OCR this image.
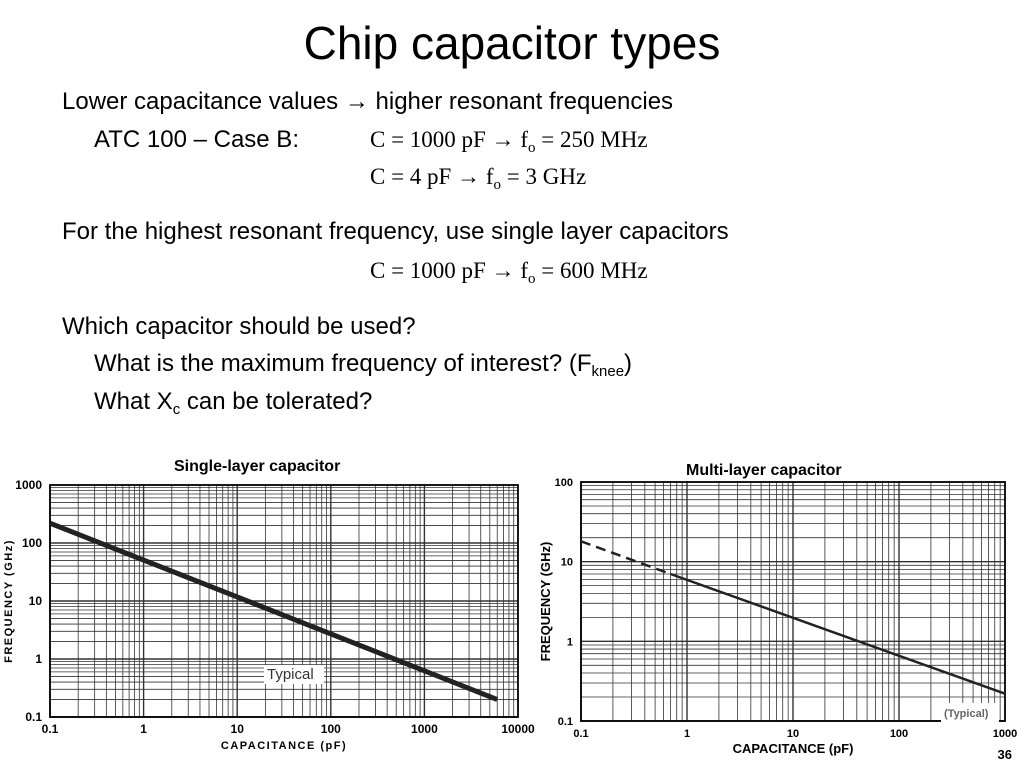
Chip capacitor types
Lower capacitance values → higher resonant frequencies
ATC 100 – Case B:	C = 1000 pF → $f_o = 250$ MHz
C = 4 pF → $f_o = 3$ GHz
For the highest resonant frequency, use single layer capacitors
C = 1000 pF → $f_o = 600$ MHz
Which capacitor should be used?
What is the maximum frequency of interest? $(F_{knee})$
What $X_c$ can be tolerated?
Single-layer capacitor	Multi-layer capacitor
0.1	1	10	100	1000	10000
0.1
1
10
100
1000
CAPACITANCE (pF)
FREQUENCY (GHz)
Typical
0.1	1	10	100	1000
0.1
1
10
100
CAPACITANCE (pF)
FREQUENCY (GHz)
(Typical)
36
